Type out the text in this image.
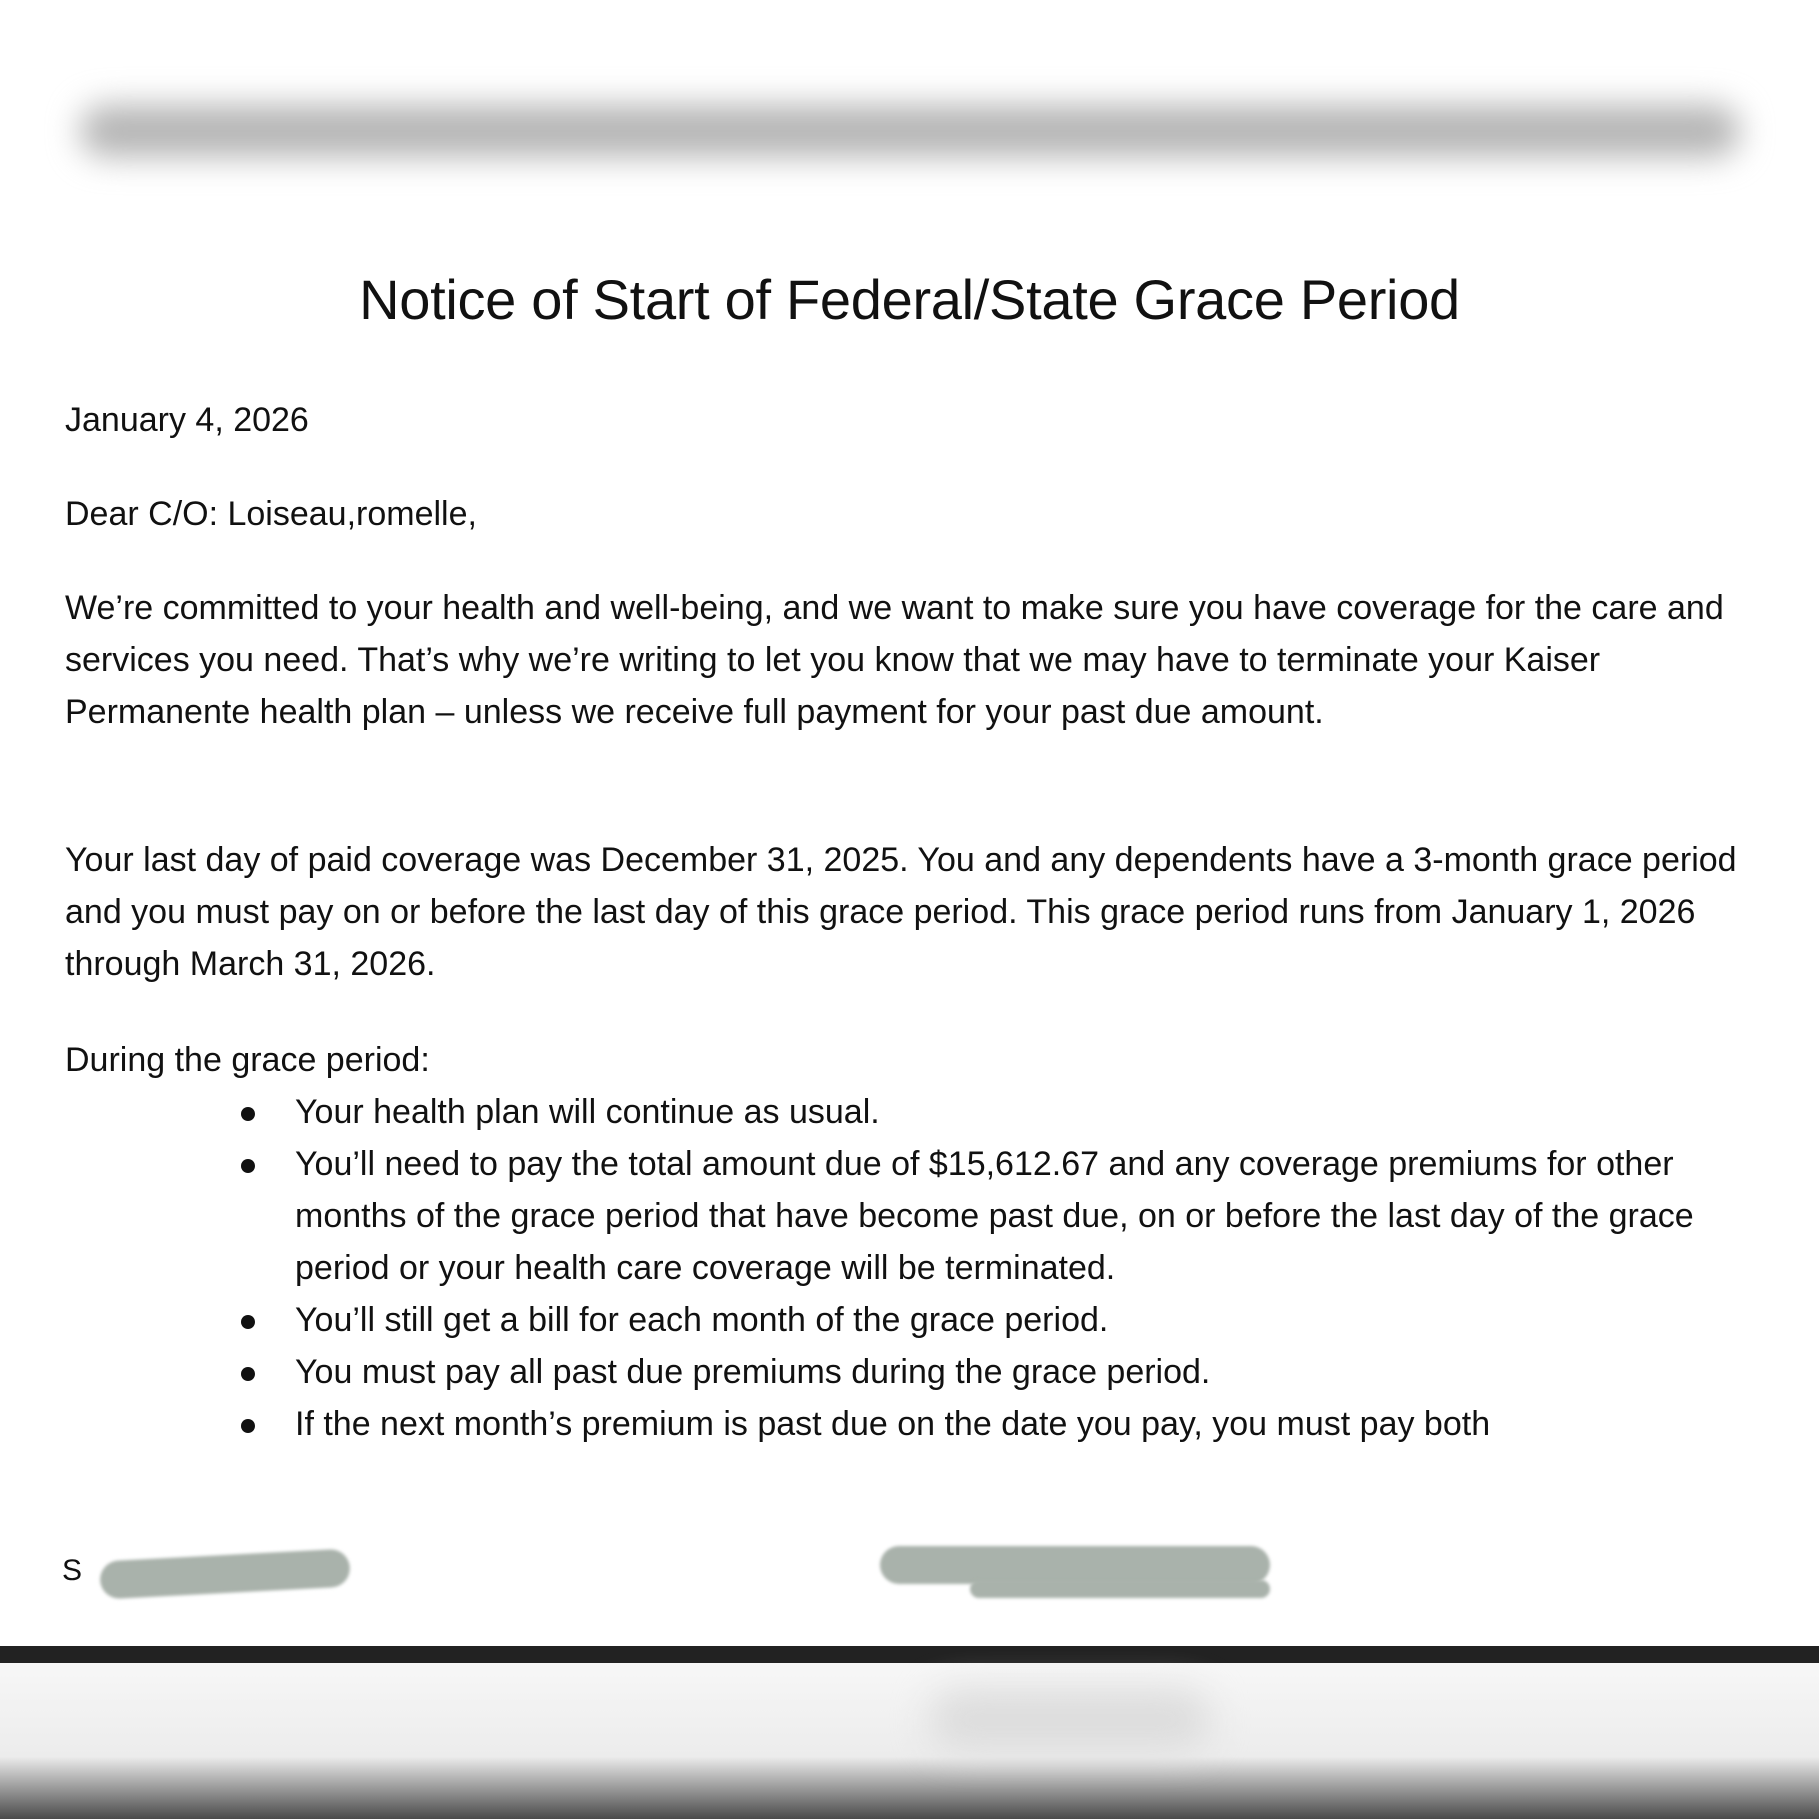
Notice of Start of Federal/State Grace Period

January 4, 2026

Dear C/O: Loiseau,romelle,

We’re committed to your health and well-being, and we want to make sure you have coverage for the care and services you need. That’s why we’re writing to let you know that we may have to terminate your Kaiser Permanente health plan – unless we receive full payment for your past due amount.

Your last day of paid coverage was December 31, 2025. You and any dependents have a 3-month grace period and you must pay on or before the last day of this grace period. This grace period runs from January 1, 2026 through March 31, 2026.

During the grace period:

Your health plan will continue as usual.
You’ll need to pay the total amount due of $15,612.67 and any coverage premiums for other months of the grace period that have become past due, on or before the last day of the grace period or your health care coverage will be terminated.
You’ll still get a bill for each month of the grace period.
You must pay all past due premiums during the grace period.
If the next month’s premium is past due on the date you pay, you must pay both
S
